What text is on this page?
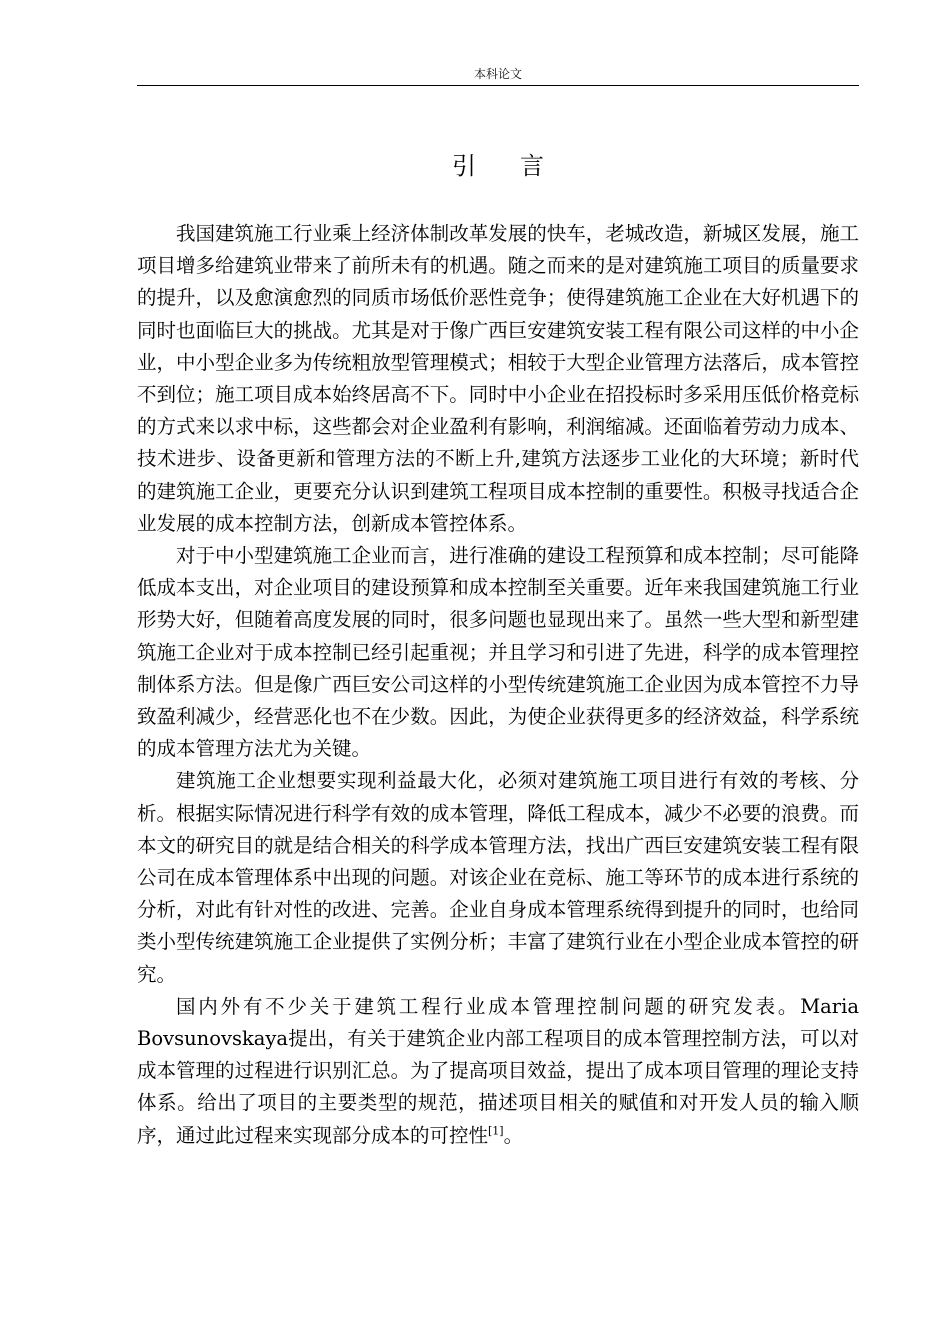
本科论文
引言

我国建筑施工行业乘上经济体制改革发展的快车，老城改造，新城区发展，施工项目增多给建筑业带来了前所未有的机遇。随之而来的是对建筑施工项目的质量要求的提升，以及愈演愈烈的同质市场低价恶性竞争；使得建筑施工企业在大好机遇下的同时也面临巨大的挑战。尤其是对于像广西巨安建筑安装工程有限公司这样的中小企业，中小型企业多为传统粗放型管理模式；相较于大型企业管理方法落后，成本管控不到位；施工项目成本始终居高不下。同时中小企业在招投标时多采用压低价格竞标的方式来以求中标，这些都会对企业盈利有影响，利润缩减。还面临着劳动力成本、技术进步、设备更新和管理方法的不断上升,建筑方法逐步工业化的大环境；新时代的建筑施工企业，更要充分认识到建筑工程项目成本控制的重要性。积极寻找适合企业发展的成本控制方法，创新成本管控体系。

对于中小型建筑施工企业而言，进行准确的建设工程预算和成本控制；尽可能降低成本支出，对企业项目的建设预算和成本控制至关重要。近年来我国建筑施工行业形势大好，但随着高度发展的同时，很多问题也显现出来了。虽然一些大型和新型建筑施工企业对于成本控制已经引起重视；并且学习和引进了先进，科学的成本管理控制体系方法。但是像广西巨安公司这样的小型传统建筑施工企业因为成本管控不力导致盈利减少，经营恶化也不在少数。因此，为使企业获得更多的经济效益，科学系统的成本管理方法尤为关键。

建筑施工企业想要实现利益最大化，必须对建筑施工项目进行有效的考核、分析。根据实际情况进行科学有效的成本管理，降低工程成本，减少不必要的浪费。而本文的研究目的就是结合相关的科学成本管理方法，找出广西巨安建筑安装工程有限公司在成本管理体系中出现的问题。对该企业在竞标、施工等环节的成本进行系统的分析，对此有针对性的改进、完善。企业自身成本管理系统得到提升的同时，也给同类小型传统建筑施工企业提供了实例分析；丰富了建筑行业在小型企业成本管控的研究。

国内外有不少关于建筑工程行业成本管理控制问题的研究发表。Maria Bovsunovskaya提出，有关于建筑企业内部工程项目的成本管理控制方法，可以对成本管理的过程进行识别汇总。为了提高项目效益，提出了成本项目管理的理论支持体系。给出了项目的主要类型的规范，描述项目相关的赋值和对开发人员的输入顺序，通过此过程来实现部分成本的可控性[1]。
